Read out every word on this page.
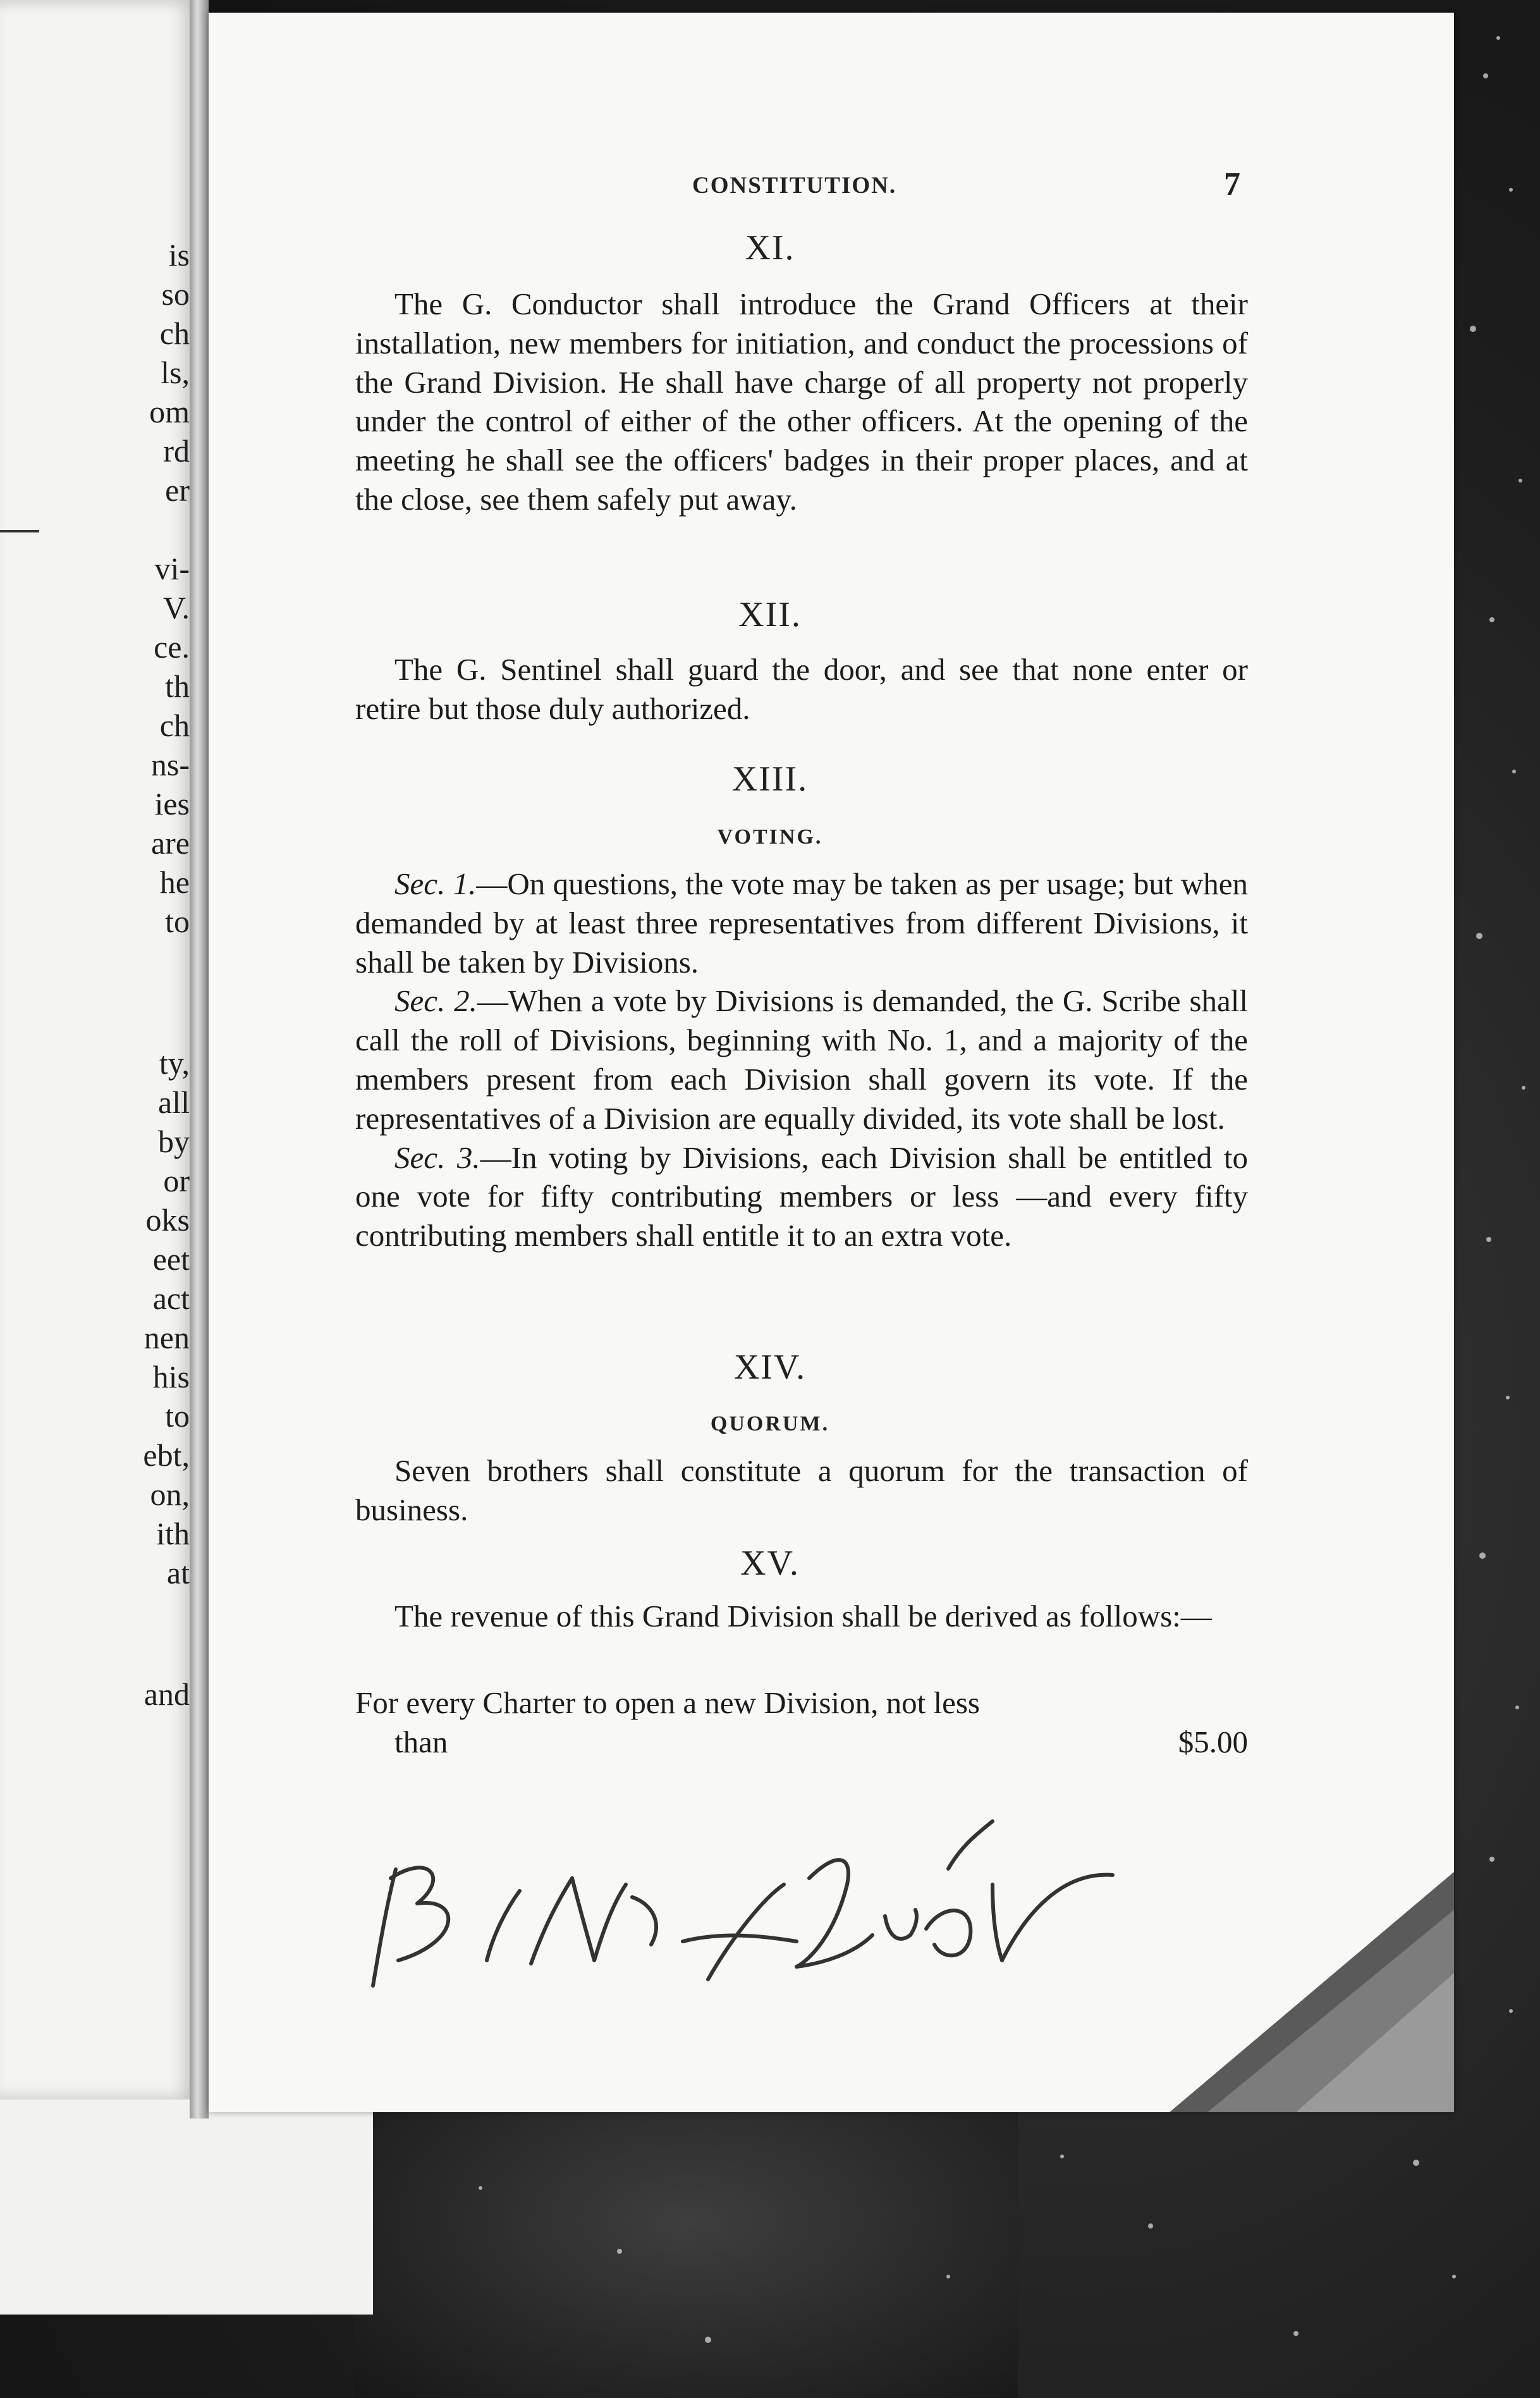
is
so
ch
ls,
om
rd
er
vi-
V.
ce.
th
ch
ns-
ies
are
he
to
ty,
all
by
or
oks
eet
act
nen
his
to
ebt,
on,
ith
at
and
CONSTITUTION.	7
XI.

The G. Conductor shall introduce the Grand Officers at their installation, new members for initiation, and conduct the processions of the Grand Division. He shall have charge of all property not properly under the control of either of the other officers. At the opening of the meeting he shall see the officers' badges in their proper places, and at the close, see them safely put away.

XII.

The G. Sentinel shall guard the door, and see that none enter or retire but those duly authorized.

XIII.
VOTING.

Sec. 1.—On questions, the vote may be taken as per usage; but when demanded by at least three representatives from different Divisions, it shall be taken by Divisions.

Sec. 2.—When a vote by Divisions is demanded, the G. Scribe shall call the roll of Divisions, beginning with No. 1, and a majority of the members present from each Division shall govern its vote. If the representatives of a Division are equally divided, its vote shall be lost.

Sec. 3.—In voting by Divisions, each Division shall be entitled to one vote for fifty contributing members or less —and every fifty contributing members shall entitle it to an extra vote.

XIV.
QUORUM.

Seven brothers shall constitute a quorum for the transaction of business.

XV.

The revenue of this Grand Division shall be derived as follows:—

For every Charter to open a new Division, not less
than	$5.00
